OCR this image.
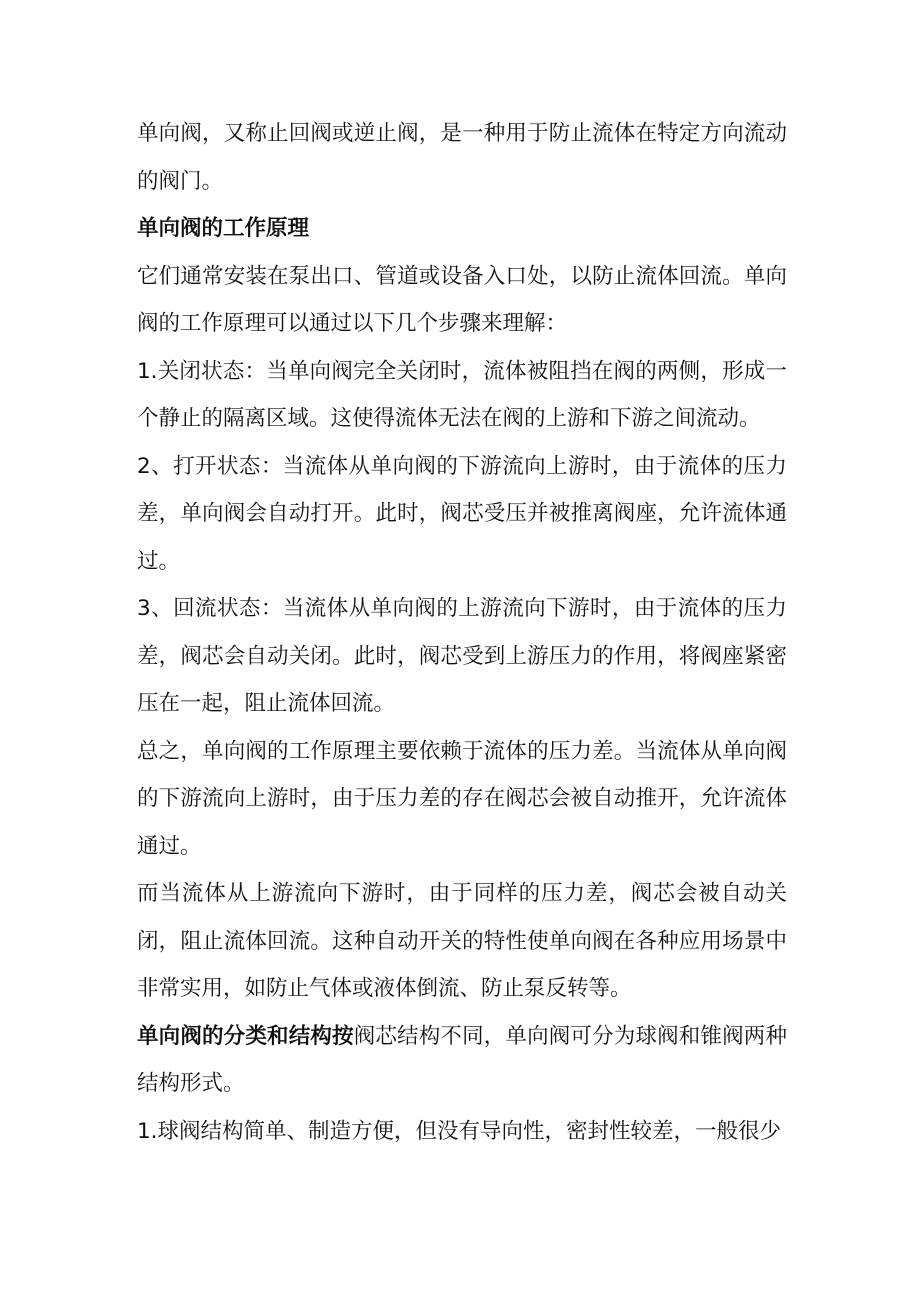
单向阀，又称止回阀或逆止阀，是一种用于防止流体在特定方向流动的阀门。

单向阀的工作原理

它们通常安装在泵出口、管道或设备入口处，以防止流体回流。单向阀的工作原理可以通过以下几个步骤来理解：

1.关闭状态：当单向阀完全关闭时，流体被阻挡在阀的两侧，形成一个静止的隔离区域。这使得流体无法在阀的上游和下游之间流动。

2、打开状态：当流体从单向阀的下游流向上游时，由于流体的压力差，单向阀会自动打开。此时，阀芯受压并被推离阀座，允许流体通过。

3、回流状态：当流体从单向阀的上游流向下游时，由于流体的压力差，阀芯会自动关闭。此时，阀芯受到上游压力的作用，将阀座紧密压在一起，阻止流体回流。

总之，单向阀的工作原理主要依赖于流体的压力差。当流体从单向阀的下游流向上游时，由于压力差的存在阀芯会被自动推开，允许流体通过。

而当流体从上游流向下游时，由于同样的压力差，阀芯会被自动关闭，阻止流体回流。这种自动开关的特性使单向阀在各种应用场景中非常实用，如防止气体或液体倒流、防止泵反转等。

单向阀的分类和结构按阀芯结构不同，单向阀可分为球阀和锥阀两种结构形式。

1.球阀结构简单、制造方便，但没有导向性，密封性较差，一般很少
